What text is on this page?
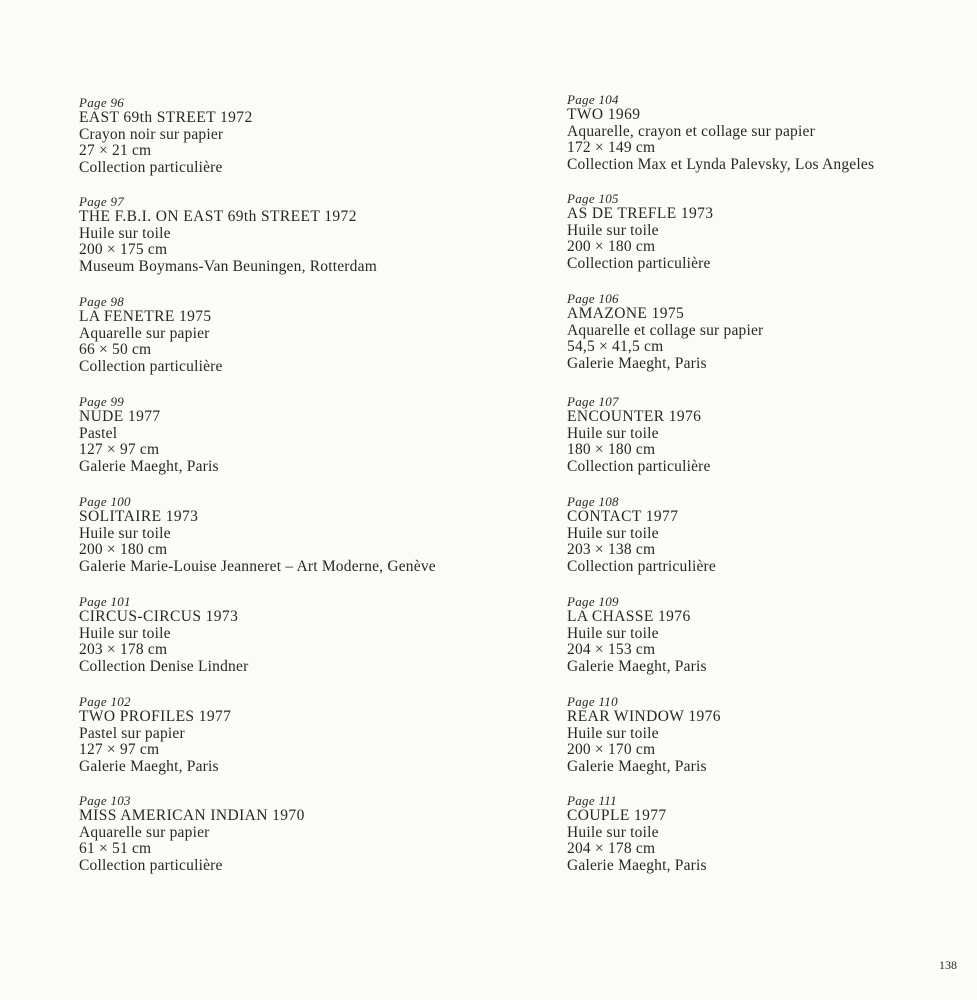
Page 96
EAST 69th STREET 1972
Crayon noir sur papier
27 × 21 cm
Collection particulière
Page 97
THE F.B.I. ON EAST 69th STREET 1972
Huile sur toile
200 × 175 cm
Museum Boymans-Van Beuningen, Rotterdam
Page 98
LA FENETRE 1975
Aquarelle sur papier
66 × 50 cm
Collection particulière
Page 99
NUDE 1977
Pastel
127 × 97 cm
Galerie Maeght, Paris
Page 100
SOLITAIRE 1973
Huile sur toile
200 × 180 cm
Galerie Marie-Louise Jeanneret – Art Moderne, Genève
Page 101
CIRCUS-CIRCUS 1973
Huile sur toile
203 × 178 cm
Collection Denise Lindner
Page 102
TWO PROFILES 1977
Pastel sur papier
127 × 97 cm
Galerie Maeght, Paris
Page 103
MISS AMERICAN INDIAN 1970
Aquarelle sur papier
61 × 51 cm
Collection particulière
Page 104
TWO 1969
Aquarelle, crayon et collage sur papier
172 × 149 cm
Collection Max et Lynda Palevsky, Los Angeles
Page 105
AS DE TREFLE 1973
Huile sur toile
200 × 180 cm
Collection particulière
Page 106
AMAZONE 1975
Aquarelle et collage sur papier
54,5 × 41,5 cm
Galerie Maeght, Paris
Page 107
ENCOUNTER 1976
Huile sur toile
180 × 180 cm
Collection particulière
Page 108
CONTACT 1977
Huile sur toile
203 × 138 cm
Collection partriculière
Page 109
LA CHASSE 1976
Huile sur toile
204 × 153 cm
Galerie Maeght, Paris
Page 110
REAR WINDOW 1976
Huile sur toile
200 × 170 cm
Galerie Maeght, Paris
Page 111
COUPLE 1977
Huile sur toile
204 × 178 cm
Galerie Maeght, Paris
138
